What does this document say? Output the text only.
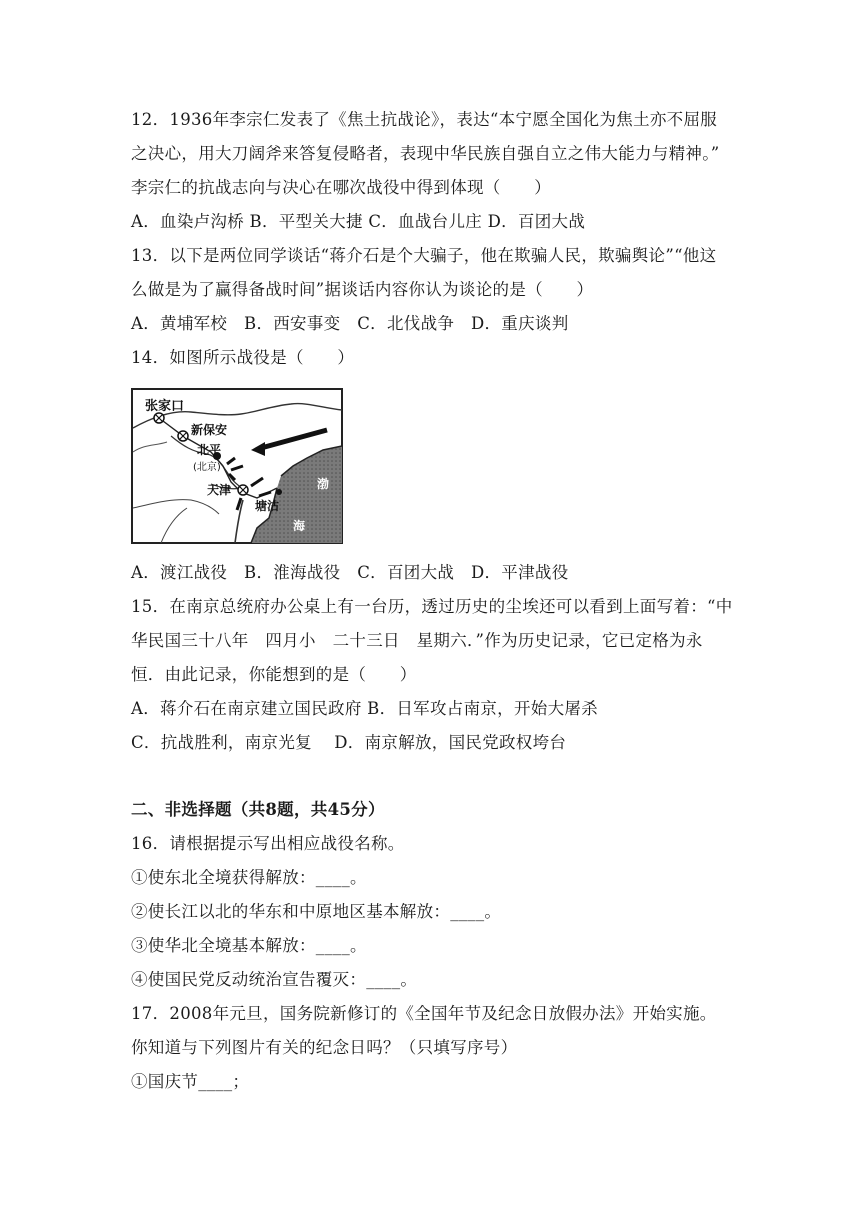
12．1936年李宗仁发表了《焦土抗战论》，表达“本宁愿全国化为焦土亦不屈服
之决心，用大刀阔斧来答复侵略者，表现中华民族自强自立之伟大能力与精神。”
李宗仁的抗战志向与决心在哪次战役中得到体现（　　）
A．血染卢沟桥 B．平型关大捷 C．血战台儿庄 D．百团大战
13．以下是两位同学谈话“蒋介石是个大骗子，他在欺骗人民，欺骗舆论”“他这
么做是为了赢得备战时间”据谈话内容你认为谈论的是（　　）
A．黄埔军校　B．西安事变　C．北伐战争　D．重庆谈判
14．如图所示战役是（　　）
张家口
新保安
北平
(北京)
天津
塘沽
渤
海
A．渡江战役　B．淮海战役　C．百团大战　D．平津战役
15．在南京总统府办公桌上有一台历，透过历史的尘埃还可以看到上面写着：“中
华民国三十八年　四月小　二十三日　星期六．”作为历史记录，它已定格为永
恒．由此记录，你能想到的是（　　）
A．蒋介石在南京建立国民政府 B．日军攻占南京，开始大屠杀
C．抗战胜利，南京光复　 D．南京解放，国民党政权垮台
二、非选择题（共8题，共45分）
16．请根据提示写出相应战役名称。
①使东北全境获得解放：____。
②使长江以北的华东和中原地区基本解放：____。
③使华北全境基本解放：____。
④使国民党反动统治宣告覆灭：____。
17．2008年元旦，国务院新修订的《全国年节及纪念日放假办法》开始实施。
你知道与下列图片有关的纪念日吗？（只填写序号）
①国庆节____；
